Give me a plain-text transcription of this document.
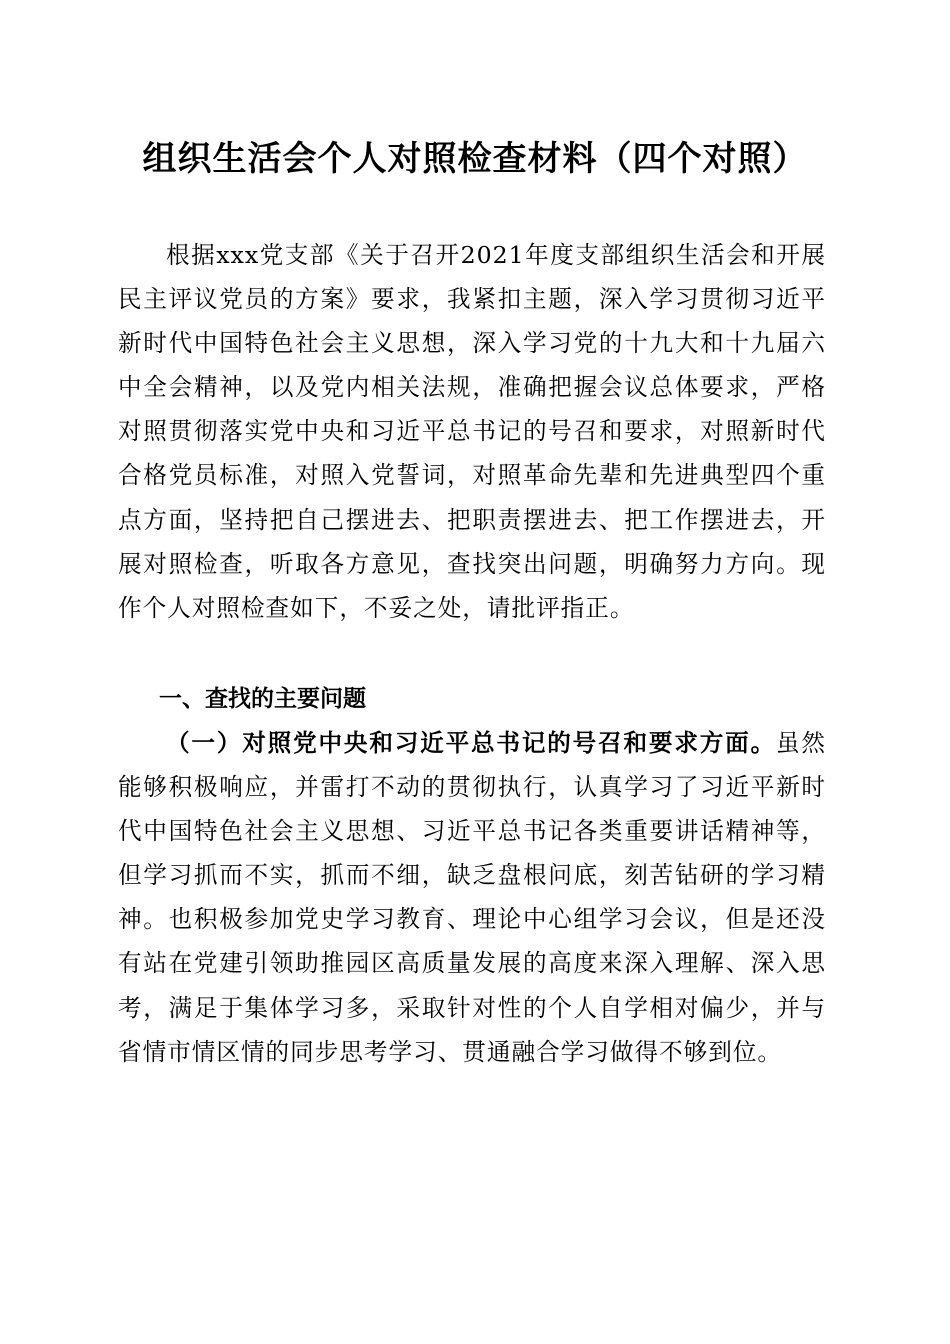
组织生活会个人对照检查材料（四个对照）

根据xxx党支部《关于召开2021年度支部组织生活会和开展民主评议党员的方案》要求，我紧扣主题，深入学习贯彻习近平新时代中国特色社会主义思想，深入学习党的十九大和十九届六中全会精神，以及党内相关法规，准确把握会议总体要求，严格对照贯彻落实党中央和习近平总书记的号召和要求，对照新时代合格党员标准，对照入党誓词，对照革命先辈和先进典型四个重点方面，坚持把自己摆进去、把职责摆进去、把工作摆进去，开展对照检查，听取各方意见，查找突出问题，明确努力方向。现作个人对照检查如下，不妥之处，请批评指正。

一、查找的主要问题

（一）对照党中央和习近平总书记的号召和要求方面。虽然能够积极响应，并雷打不动的贯彻执行，认真学习了习近平新时代中国特色社会主义思想、习近平总书记各类重要讲话精神等，但学习抓而不实，抓而不细，缺乏盘根问底，刻苦钻研的学习精神。也积极参加党史学习教育、理论中心组学习会议，但是还没有站在党建引领助推园区高质量发展的高度来深入理解、深入思考，满足于集体学习多，采取针对性的个人自学相对偏少，并与省情市情区情的同步思考学习、贯通融合学习做得不够到位。
